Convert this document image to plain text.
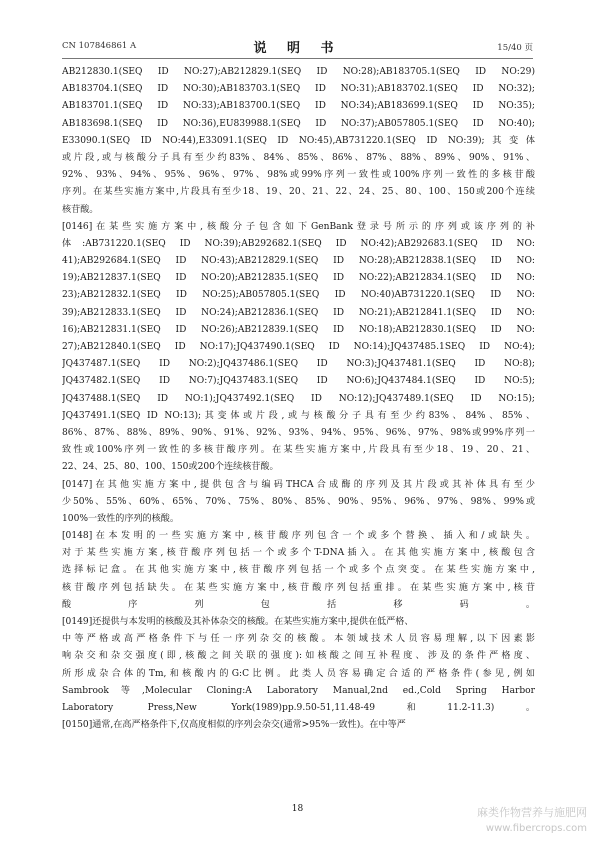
CN 107846861 A	说 明 书	15/40 页
AB212830.1(SEQ ID NO:27);AB212829.1(SEQ ID NO:28);AB183705.1(SEQ ID NO:29)
AB183704.1(SEQ ID NO:30);AB183703.1(SEQ ID NO:31);AB183702.1(SEQ ID NO:32);
AB183701.1(SEQ ID NO:33);AB183700.1(SEQ ID NO:34);AB183699.1(SEQ ID NO:35);
AB183698.1(SEQ ID NO:36),EU839988.1(SEQ ID NO:37);AB057805.1(SEQ ID NO:40);
E33090.1(SEQ ID NO:44),E33091.1(SEQ ID NO:45),AB731220.1(SEQ ID NO:39);其变体
或片段,或与核酸分子具有至少约83%、84%、85%、86%、87%、88%、89%、90%、91%、
92%、93%、94%、95%、96%、97%、98%或99%序列一致性或100%序列一致性的多核苷酸
序列。在某些实施方案中,片段具有至少18、19、20、21、22、24、25、80、100、150或200个连续
核苷酸。
[0146]在某些实施方案中,核酸分子包含如下GenBank登录号所示的序列或该序列的补
体:AB731220.1(SEQ ID NO:39);AB292682.1(SEQ ID NO:42);AB292683.1(SEQ ID NO:
41);AB292684.1(SEQ ID NO:43);AB212829.1(SEQ ID NO:28);AB212838.1(SEQ ID NO:
19);AB212837.1(SEQ ID NO:20);AB212835.1(SEQ ID NO:22);AB212834.1(SEQ ID NO:
23);AB212832.1(SEQ ID NO:25);AB057805.1(SEQ ID NO:40)AB731220.1(SEQ ID NO:
39);AB212833.1(SEQ ID NO:24);AB212836.1(SEQ ID NO:21);AB212841.1(SEQ ID NO:
16);AB212831.1(SEQ ID NO:26);AB212839.1(SEQ ID NO:18);AB212830.1(SEQ ID NO:
27);AB212840.1(SEQ ID NO:17);JQ437490.1(SEQ ID NO:14);JQ437485.1SEQ ID NO:4);
JQ437487.1(SEQ ID NO:2);JQ437486.1(SEQ ID NO:3);JQ437481.1(SEQ ID NO:8);
JQ437482.1(SEQ ID NO:7);JQ437483.1(SEQ ID NO:6);JQ437484.1(SEQ ID NO:5);
JQ437488.1(SEQ ID NO:1);JQ437492.1(SEQ ID NO:12);JQ437489.1(SEQ ID NO:15);
JQ437491.1(SEQ ID NO:13);其变体或片段,或与核酸分子具有至少约83%、84%、85%、
86%、87%、88%、89%、90%、91%、92%、93%、94%、95%、96%、97%、98%或99%序列一
致性或100%序列一致性的多核苷酸序列。在某些实施方案中,片段具有至少18、19、20、21、
22、24、25、80、100、150或200个连续核苷酸。
[0147]在其他实施方案中,提供包含与编码THCA合成酶的序列及其片段或其补体具有至少
少50%、55%、60%、65%、70%、75%、80%、85%、90%、95%、96%、97%、98%、99%或
100%一致性的序列的核酸。
[0148]在本发明的一些实施方案中,核苷酸序列包含一个或多个替换、插入和/或缺失。
对于某些实施方案,核苷酸序列包括一个或多个T-DNA插入。在其他实施方案中,核酸包含
选择标记盒。在其他实施方案中,核苷酸序列包括一个或多个点突变。在某些实施方案中,
核苷酸序列包括缺失。在某些实施方案中,核苷酸序列包括重排。在某些实施方案中,核苷
酸序列包括移码。
[0149]还提供与本发明的核酸及其补体杂交的核酸。在某些实施方案中,提供在低严格、
中等严格或高严格条件下与任一序列杂交的核酸。本领域技术人员容易理解,以下因素影
响杂交和杂交强度(即,核酸之间关联的强度):如核酸之间互补程度、涉及的条件严格度、
所形成杂合体的Tm,和核酸内的G:C比例。此类人员容易确定合适的严格条件(参见,例如
Sambrook等,Molecular Cloning:A Laboratory Manual,2nd ed.,Cold Spring Harbor
Laboratory Press,New York(1989)pp.9.50-51,11.48-49和11.2-11.3)。
[0150]通常,在高严格条件下,仅高度相似的序列会杂交(通常>95%一致性)。在中等严
18	麻类作物营养与施肥网
www.fibercrops.com
